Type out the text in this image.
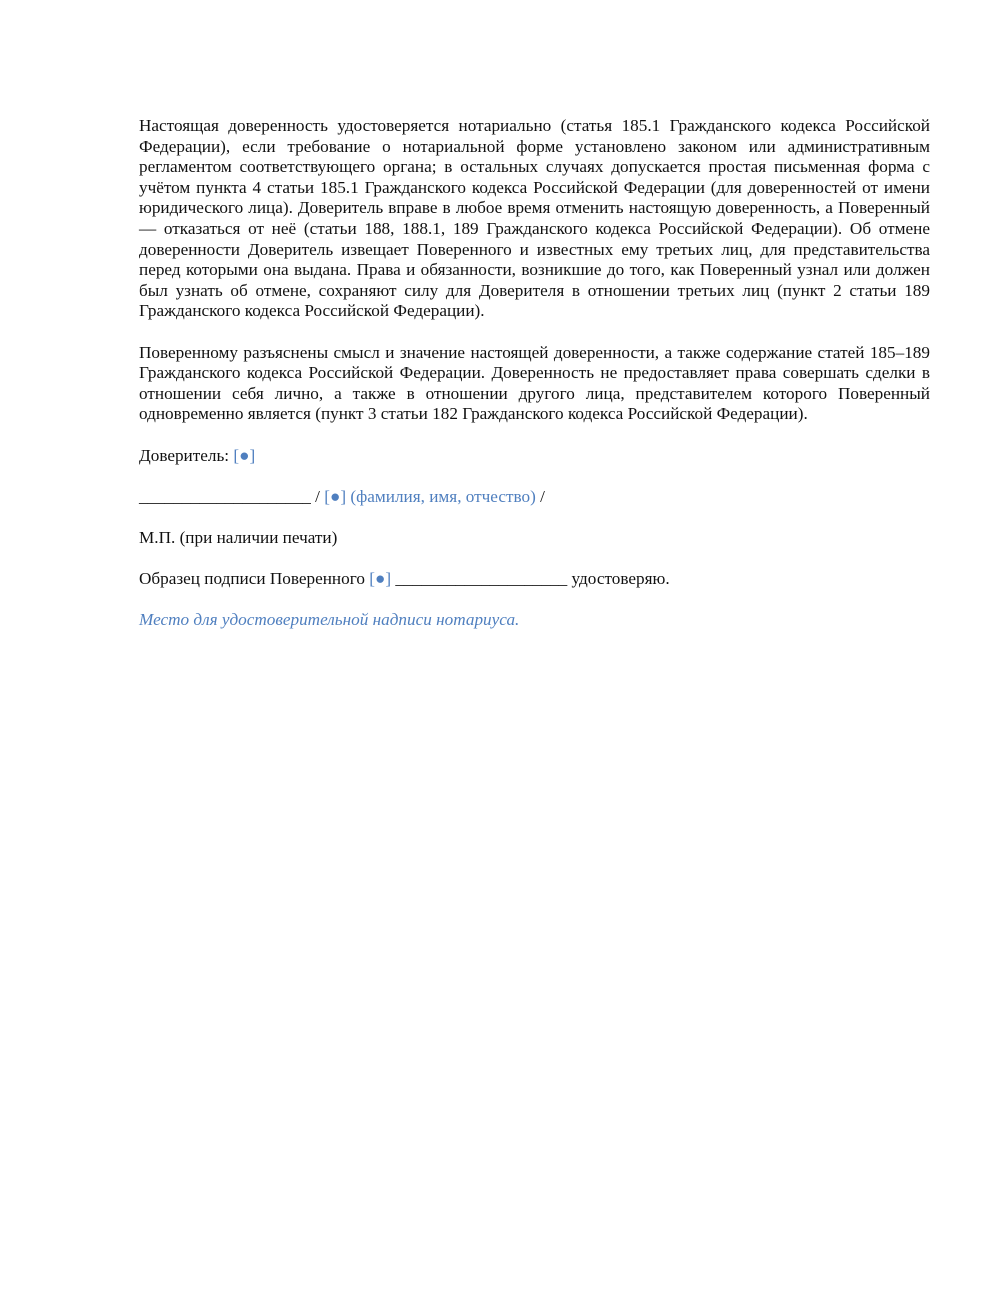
Настоящая доверенность удостоверяется нотариально (статья 185.1 Гражданского кодекса Российской Федерации), если требование о нотариальной форме установлено законом или административным регламентом соответствующего органа; в остальных случаях допускается простая письменная форма с учётом пункта 4 статьи 185.1 Гражданского кодекса Российской Федерации (для доверенностей от имени юридического лица). Доверитель вправе в любое время отменить настоящую доверенность, а Поверенный — отказаться от неё (статьи 188, 188.1, 189 Гражданского кодекса Российской Федерации). Об отмене доверенности Доверитель извещает Поверенного и известных ему третьих лиц, для представительства перед которыми она выдана. Права и обязанности, возникшие до того, как Поверенный узнал или должен был узнать об отмене, сохраняют силу для Доверителя в отношении третьих лиц (пункт 2 статьи 189 Гражданского кодекса Российской Федерации).

Поверенному разъяснены смысл и значение настоящей доверенности, а также содержание статей 185–189 Гражданского кодекса Российской Федерации. Доверенность не предоставляет права совершать сделки в отношении себя лично, а также в отношении другого лица, представителем которого Поверенный одновременно является (пункт 3 статьи 182 Гражданского кодекса Российской Федерации).

Доверитель: [●]

____________________ / [●] (фамилия, имя, отчество) /

М.П. (при наличии печати)

Образец подписи Поверенного [●] ____________________ удостоверяю.

Место для удостоверительной надписи нотариуса.
